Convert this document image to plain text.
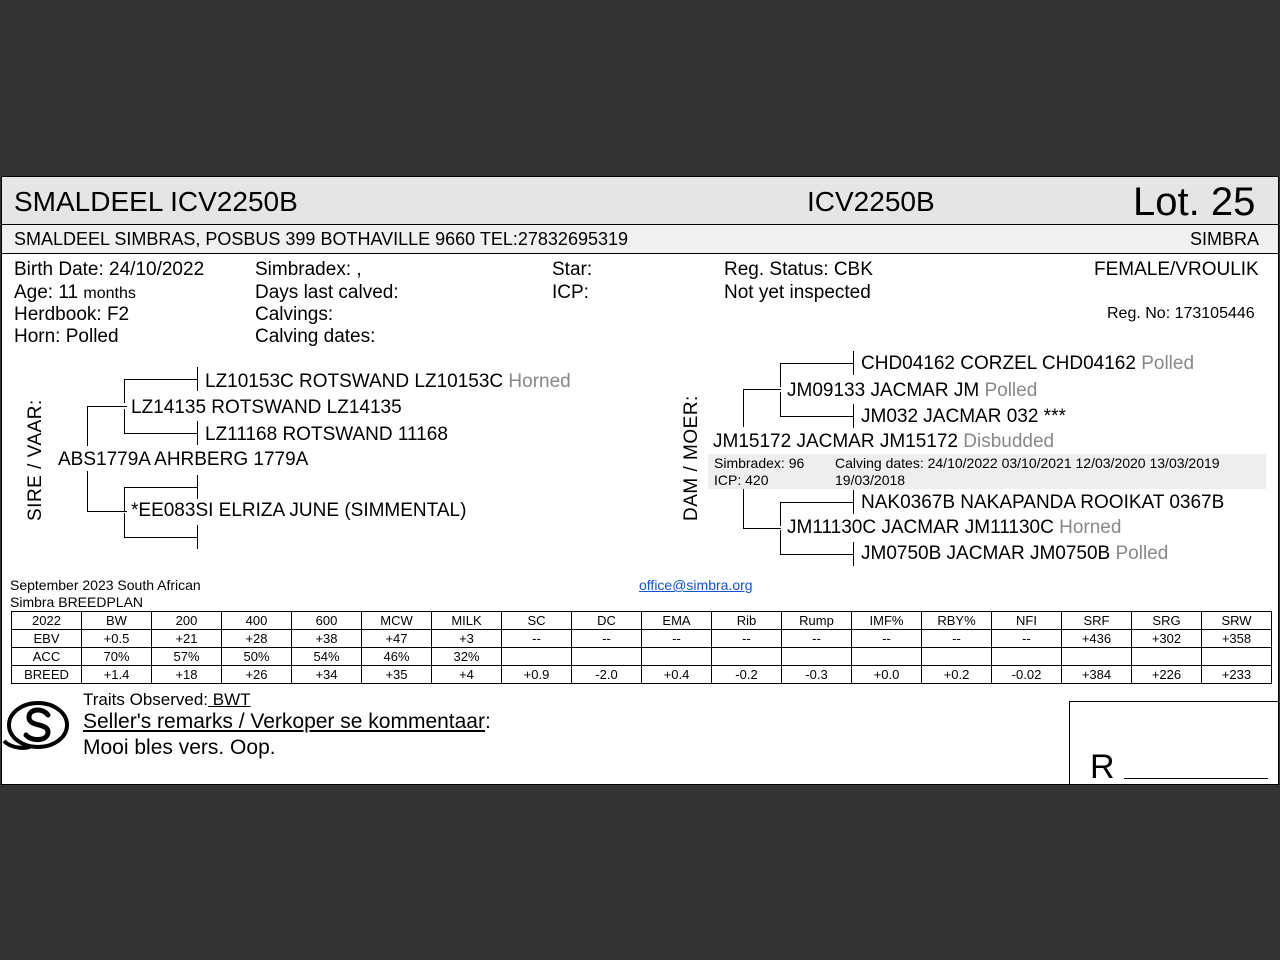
SMALDEEL ICV2250B	ICV2250B	Lot. 25
SMALDEEL SIMBRAS, POSBUS 399 BOTHAVILLE 9660 TEL:27832695319	SIMBRA
Birth Date: 24/10/2022
Age: 11 months
Herdbook: F2
Horn: Polled
Simbradex: ,
Days last calved:
Calvings:
Calving dates:
Star:
ICP:
Reg. Status: CBK
Not yet inspected
FEMALE/VROULIK
Reg. No: 173105446
SIRE / VAAR:
LZ10153C ROTSWAND LZ10153C Horned
LZ14135 ROTSWAND LZ14135
LZ11168 ROTSWAND 11168
ABS1779A AHRBERG 1779A
*EE083SI ELRIZA JUNE (SIMMENTAL)	DAM / MOER:
CHD04162 CORZEL CHD04162 Polled
JM09133 JACMAR JM Polled
JM032 JACMAR 032 ***
JM15172 JACMAR JM15172 Disbudded
Simbradex: 96
ICP: 420
Calving dates: 24/10/2022 03/10/2021 12/03/2020 13/03/2019
19/03/2018
NAK0367B NAKAPANDA ROOIKAT 0367B
JM11130C JACMAR JM11130C Horned
JM0750B JACMAR JM0750B Polled
September 2023 South African
Simbra BREEDPLAN
office@simbra.org
2022	BW	200	400	600	MCW	MILK	SC	DC	EMA	Rib	Rump	IMF%	RBY%	NFI	SRF	SRG	SRW
EBV	+0.5	+21	+28	+38	+47	+3	--	--	--	--	--	--	--	--	+436	+302	+358
ACC	70%	57%	50%	54%	46%	32%											
BREED	+1.4	+18	+26	+34	+35	+4	+0.9	-2.0	+0.4	-0.2	-0.3	+0.0	+0.2	-0.02	+384	+226	+233
Traits Observed: BWT
Seller's remarks / Verkoper se kommentaar:
Mooi bles vers. Oop.
R
